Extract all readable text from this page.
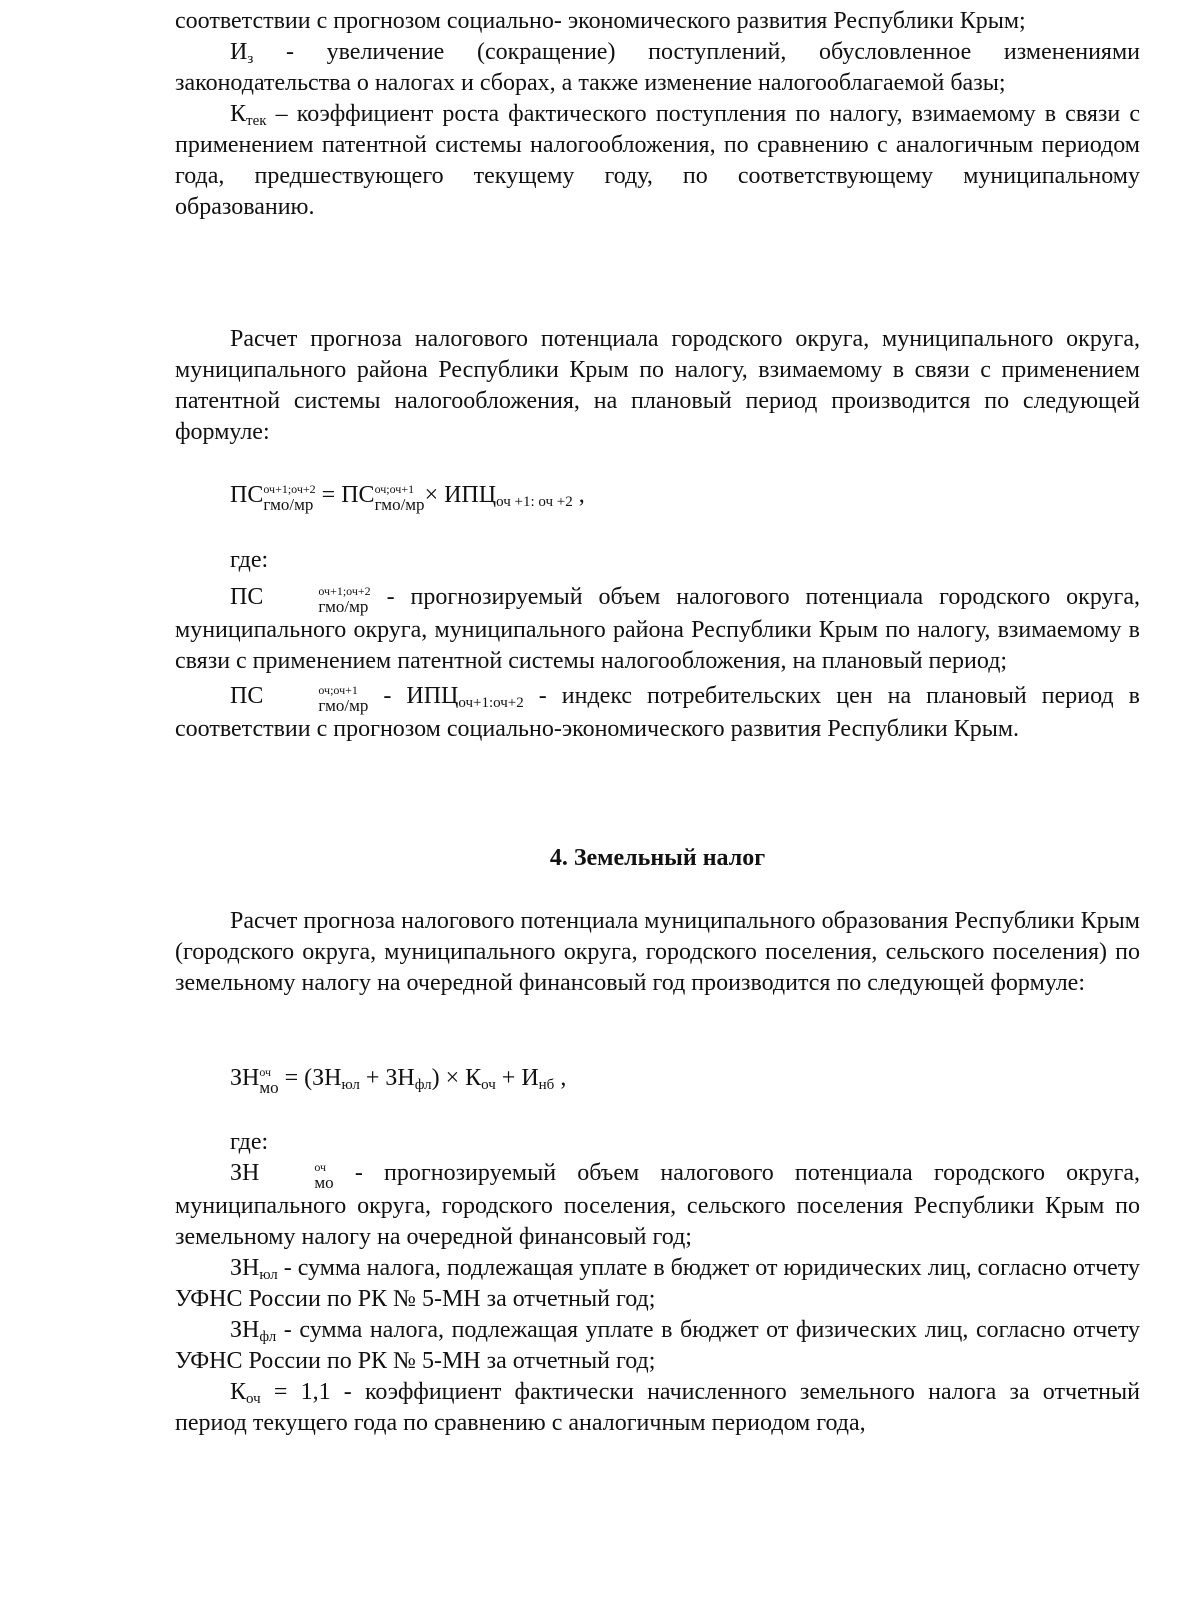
соответствии с прогнозом социально- экономического развития Республики Крым;

$И_з$ - увеличение (сокращение) поступлений, обусловленное изменениями законодательства о налогах и сборах, а также изменение налогооблагаемой базы;

$К_{тек}$ – коэффициент роста фактического поступления по налогу, взимаемому в связи с применением патентной системы налогообложения, по сравнению с аналогичным периодом года, предшествующего текущему году, по соответствующему муниципальному образованию.

Расчет прогноза налогового потенциала городского округа, муниципального округа, муниципального района Республики Крым по налогу, взимаемому в связи с применением патентной системы налогообложения, на плановый период производится по следующей формуле:

ПС оч+1;оч+2
гмо/мр = ПС оч;оч+1
$гмо/мр \times ИПЦ_{оч +1: оч +2}$ ,

где:

ПС	оч+1;оч+2
гмо/мр - прогнозируемый объем налогового потенциала городского округа, муниципального округа, муниципального района Республики Крым по налогу, взимаемому в связи с применением патентной системы налогообложения, на плановый период;

ПС	оч;оч+1
$гмо/мр - ИПЦ_{оч+1:оч+2}$ - индекс потребительских цен на плановый период в соответствии с прогнозом социально-экономического развития Республики Крым.

4. Земельный налог

Расчет прогноза налогового потенциала муниципального образования Республики Крым (городского округа, муниципального округа, городского поселения, сельского поселения) по земельному налогу на очередной финансовый год производится по следующей формуле:

ЗН оч
мо = $(ЗН_{юл} + ЗН_{фл}) \times К_{оч} + И_{нб}$ ,

где:

ЗН	оч
мо - прогнозируемый объем налогового потенциала городского округа, муниципального округа, городского поселения, сельского поселения Республики Крым по земельному налогу на очередной финансовый год;

$ЗН_{юл}$ - сумма налога, подлежащая уплате в бюджет от юридических лиц, согласно отчету УФНС России по РК № 5-МН за отчетный год;

$ЗН_{фл}$ - сумма налога, подлежащая уплате в бюджет от физических лиц, согласно отчету УФНС России по РК № 5-МН за отчетный год;

$К_{оч} = 1,1$ - коэффициент фактически начисленного земельного налога за отчетный период текущего года по сравнению с аналогичным периодом года,
